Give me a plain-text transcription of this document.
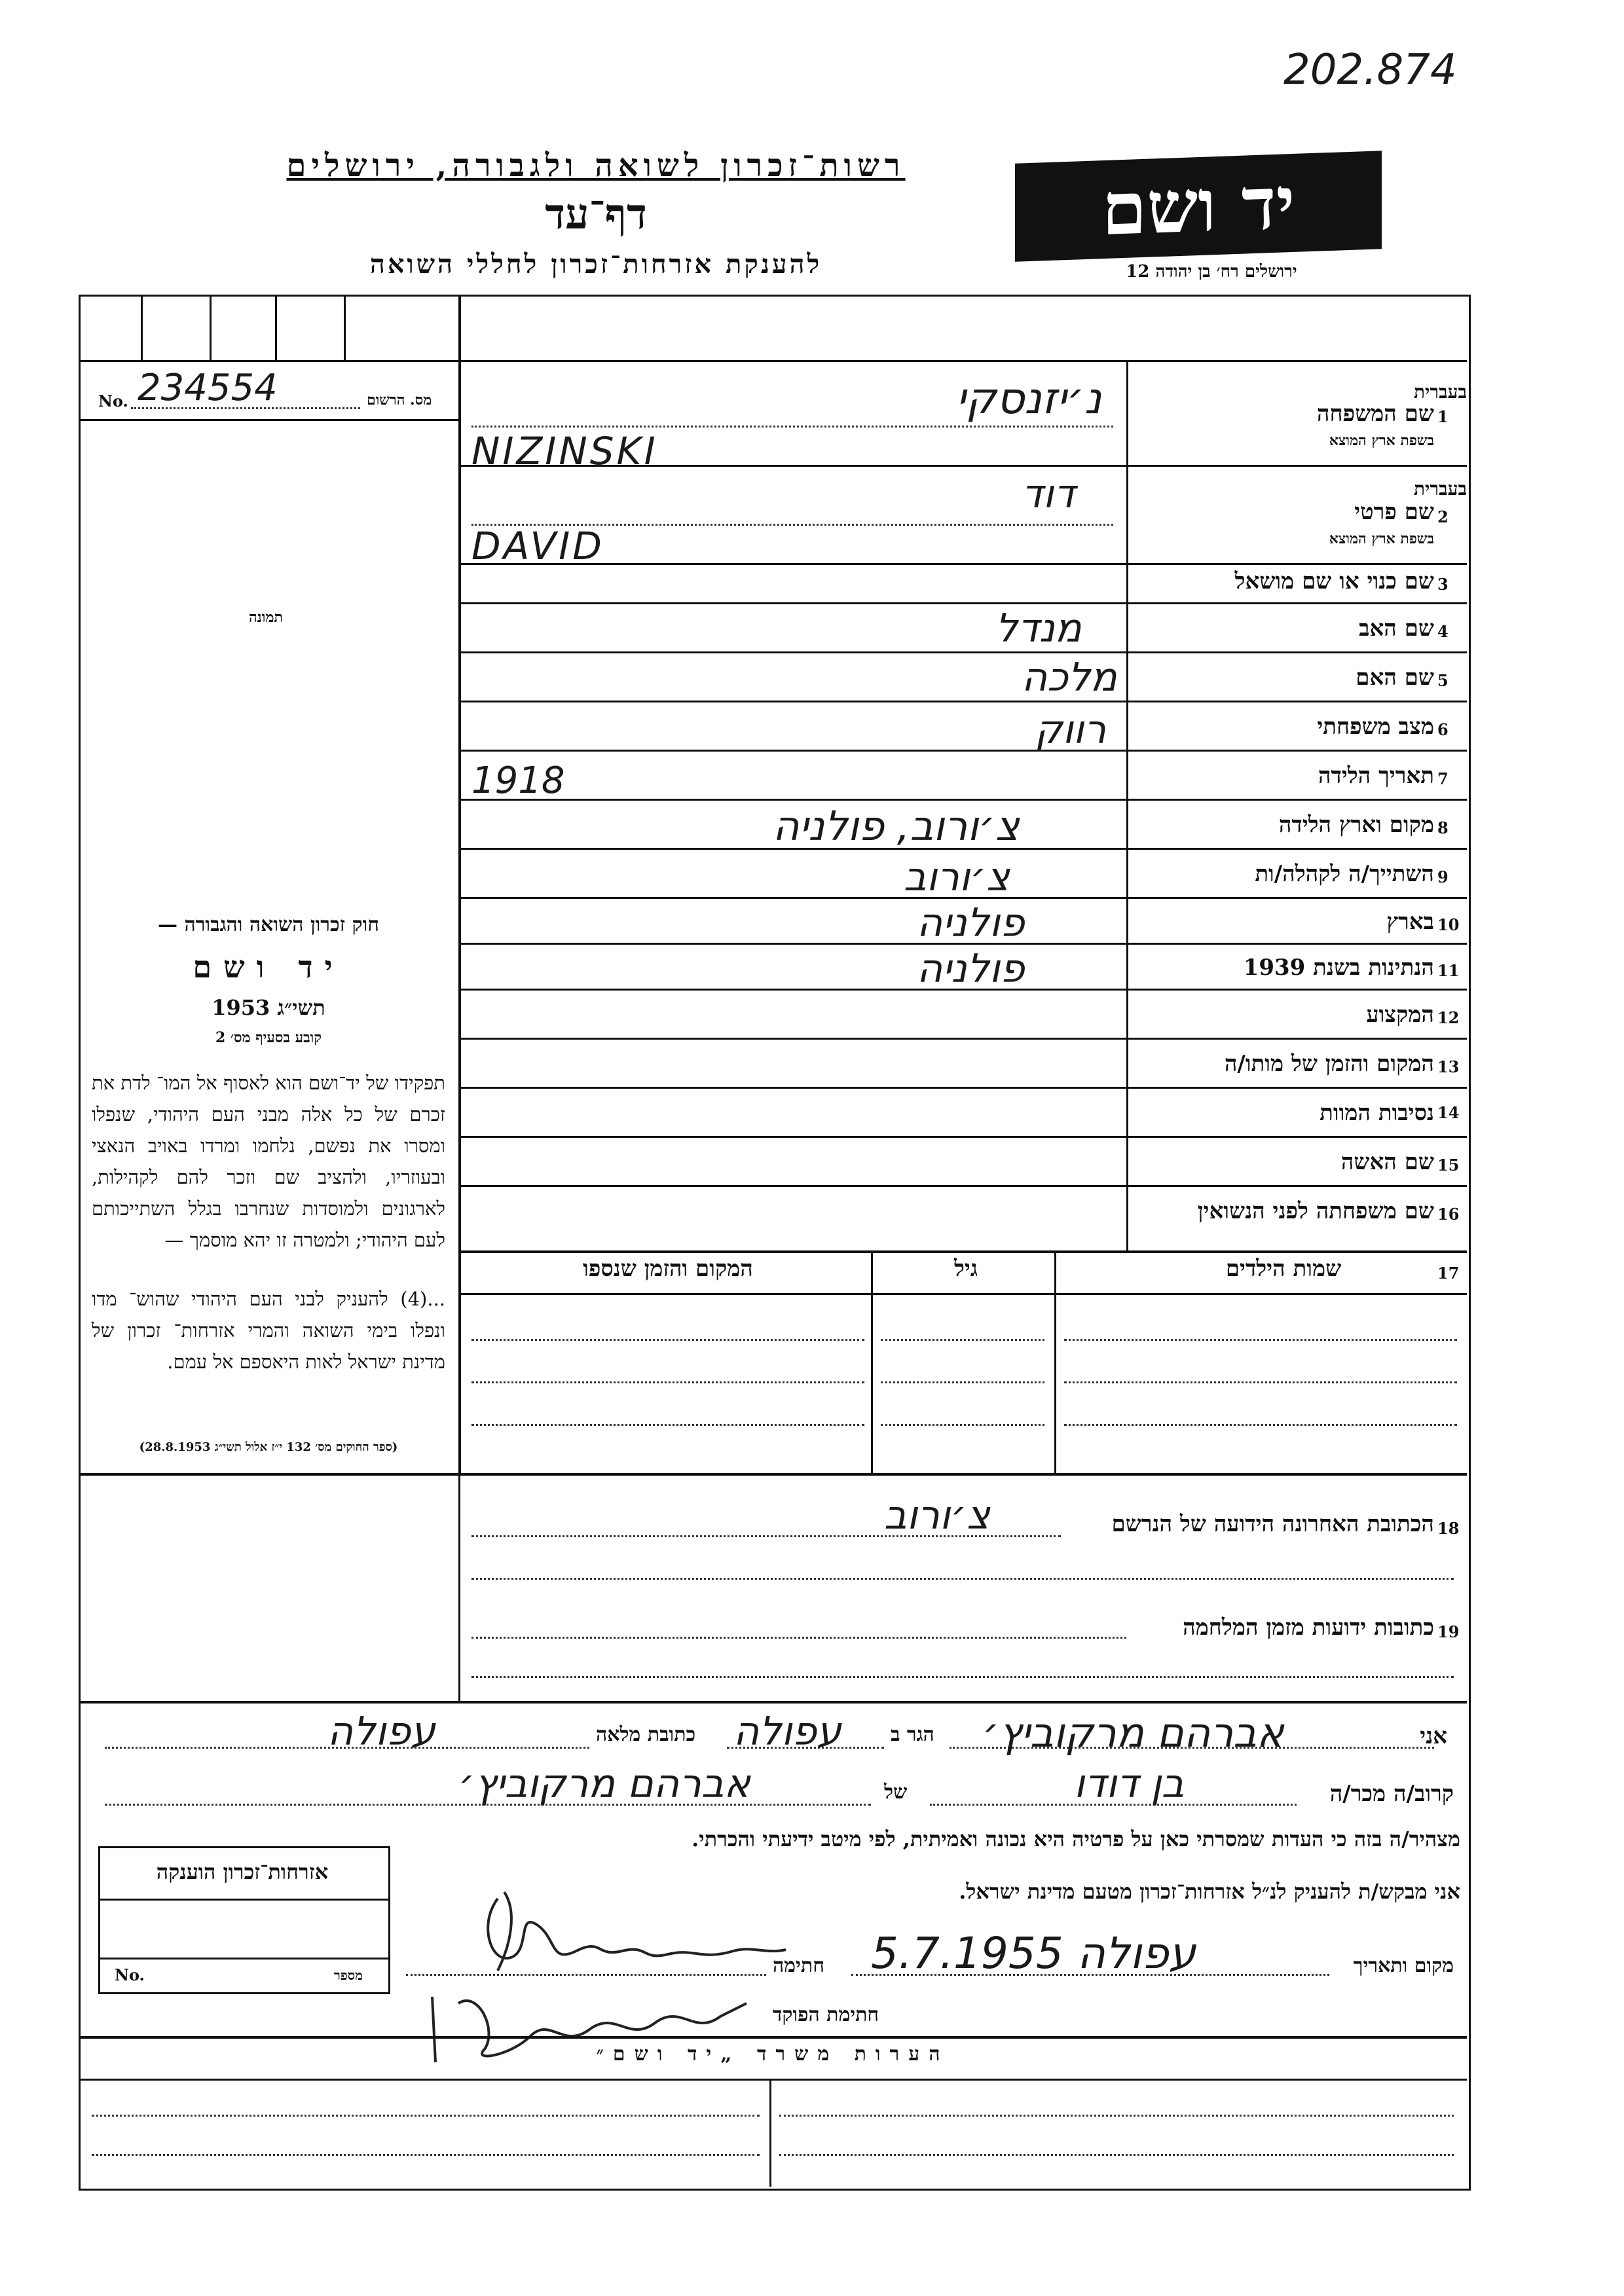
202.874
רשות־זכרון לשואה ולגבורה, ירושלים
דף־עד
להענקת אזרחות־זכרון לחללי השואה
יד ושם
ירושלים רח׳ בן יהודה 12
מס. הרשום
No. 234554
תמונה
1
שם המשפחה
בעברית
בשפת ארץ המוצא
נ׳יזנסקי
NIZINSKI
2
שם פרטי
בעברית
בשפת ארץ המוצא
דוד
DAVID
3
שם כנוי או שם מושאל
4
שם האב
מנדל
5
שם האם
מלכה
6
מצב משפחתי
רווק
7
תאריך הלידה
1918
8
מקום וארץ הלידה
צ׳ורוב, פולניה
9
השתייך/ה לקהלה/ות
צ׳ורוב
10
בארץ
פולניה
11
הנתינות בשנת 1939
פולניה
12
המקצוע
13
המקום והזמן של מותו/ה
14
נסיבות המוות
15
שם האשה
16
שם משפחתה לפני הנשואין
17
שמות הילדים
גיל
המקום והזמן שנספו
חוק זכרון השואה והגבורה —
יד ושם
תשי״ג 1953
קובע בסעיף מס׳ 2
תפקידו של יד־ושם הוא לאסוף אל המו־ לדת את זכרם של כל אלה מבני העם היהודי, שנפלו ומסרו את נפשם, נלחמו ומרדו באויב הנאצי ובעוזריו, ולהציב שם וזכר להם לקהילות, לארגונים ולמוסדות שנחרבו בגלל השתייכותם לעם היהודי; ולמטרה זו יהא מוסמך —
...(4) להעניק לבני העם היהודי שהוש־ מדו ונפלו בימי השואה והמרי אזרחות־ זכרון של מדינת ישראל לאות היאספם אל עמם.
(ספר החוקים מס׳ 132 י״ז אלול תשי״ג 28.8.1953)
18
הכתובת האחרונה הידועה של הנרשם
צ׳ורוב
19
כתובות ידועות מזמן המלחמה
אני
אברהם מרקוביץ׳
הגר ב
עפולה
כתובת מלאה
עפולה
קרוב/ה מכר/ה
בן דודו
של
אברהם מרקוביץ׳
מצהיר/ה בזה כי העדות שמסרתי כאן על פרטיה היא נכונה ואמיתית, לפי מיטב ידיעתי והכרתי.
אני מבקש/ת להעניק לנ״ל אזרחות־זכרון מטעם מדינת ישראל.
מקום ותאריך
עפולה 5.7.1955
חתימה
חתימת הפוקד
אזרחות־זכרון הוענקה
No.	מספר
הערות משרד „יד ושם״
